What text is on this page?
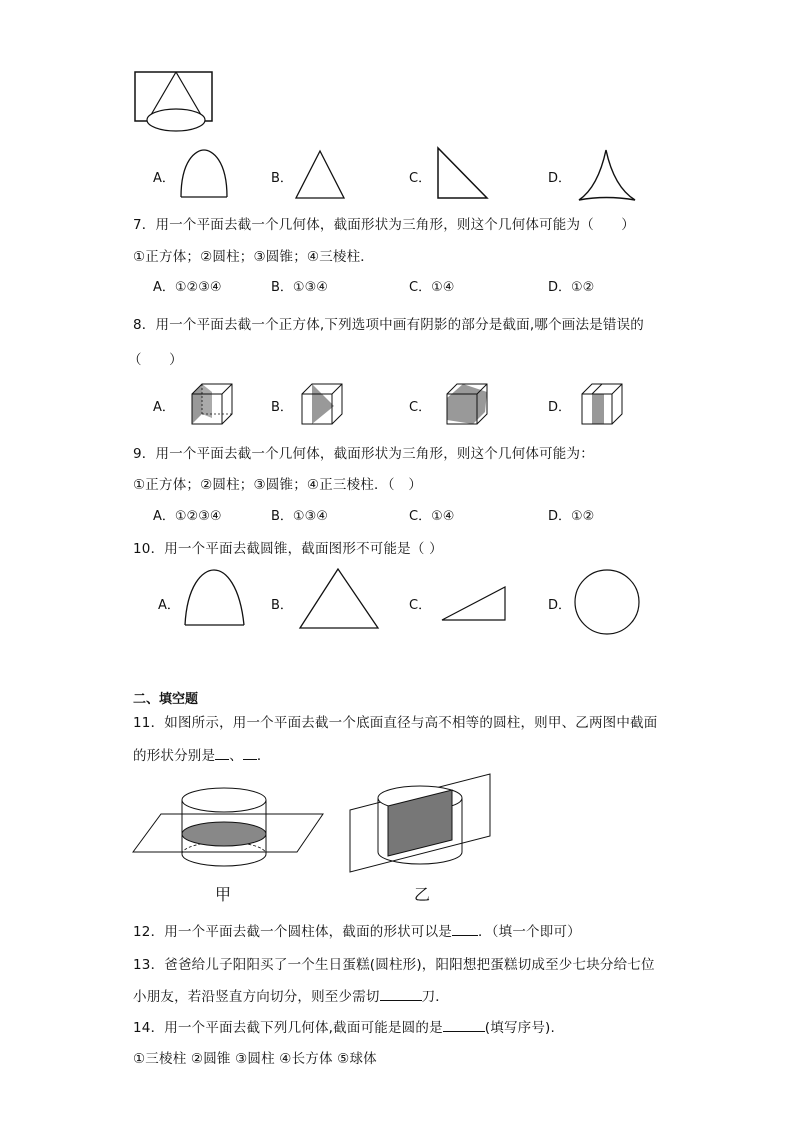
A．	B．	C．	D．
7．用一个平面去截一个几何体，截面形状为三角形，则这个几何体可能为（　　）
①正方体；②圆柱；③圆锥；④三棱柱．
A．①②③④	B．①③④	C．①④	D．①②
8．用一个平面去截一个正方体,下列选项中画有阴影的部分是截面,哪个画法是错误的
（　　）
A．	B．	C．	D．
9．用一个平面去截一个几何体，截面形状为三角形，则这个几何体可能为：
①正方体；②圆柱；③圆锥；④正三棱柱．（　）
A．①②③④	B．①③④	C．①④	D．①②
10．用一个平面去截圆锥，截面图形不可能是（ ）
A．	B．	C．	D．
二、填空题
11．如图所示，用一个平面去截一个底面直径与高不相等的圆柱，则甲、乙两图中截面
的形状分别是 、 ．
甲	乙
12．用一个平面去截一个圆柱体，截面的形状可以是 ．（填一个即可）
13．爸爸给儿子阳阳买了一个生日蛋糕(圆柱形)，阳阳想把蛋糕切成至少七块分给七位
小朋友，若沿竖直方向切分，则至少需切	刀．
14．用一个平面去截下列几何体,截面可能是圆的是	(填写序号).
①三棱柱 ②圆锥 ③圆柱 ④长方体 ⑤球体
